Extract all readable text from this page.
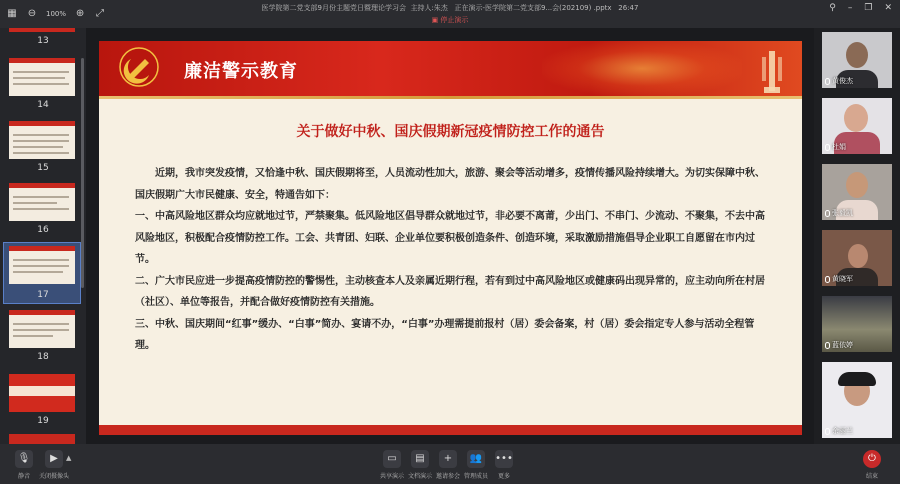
▦ ⊖ 100% ⊕ ⤢	医学院第二党支部9月份主题党日暨理论学习会 主持人:朱杰 正在演示-医学院第二党支部9...会(202109) .pptx 26:47
▣ 停止演示
⚲ – ❐ ✕
13
14
15
16
17
18
19
廉洁警示教育
关于做好中秋、国庆假期新冠疫情防控工作的通告

近期，我市突发疫情，又恰逢中秋、国庆假期将至，人员流动性加大，旅游、聚会等活动增多，疫情传播风险持续增大。为切实保障中秋、国庆假期广大市民健康、安全，特通告如下：

一、中高风险地区群众均应就地过节，严禁聚集。低风险地区倡导群众就地过节，非必要不离莆，少出门、不串门、少流动、不聚集，不去中高风险地区，积极配合疫情防控工作。工会、共青团、妇联、企业单位要积极创造条件、创造环境，采取激励措施倡导企业职工自愿留在市内过节。

二、广大市民应进一步提高疫情防控的警惕性，主动核查本人及亲属近期行程，若有到过中高风险地区或健康码出现异常的，应主动向所在村居（社区）、单位等报告，并配合做好疫情防控有关措施。

三、中秋、国庆期间“红事”缓办、“白事”简办、宴请不办，“白事”办理需提前报村（居）委会备案，村（居）委会指定专人参与活动全程管理。

黄俊杰
杜娟
张毅凯
黄晓军
蓝依婷
余丽兰
🎙
静音
▶
关闭摄像头
▲	▭
共享演示
▤
文档演示
+
邀请参会
👥
管理成员
•••
更多
⏻
结束
